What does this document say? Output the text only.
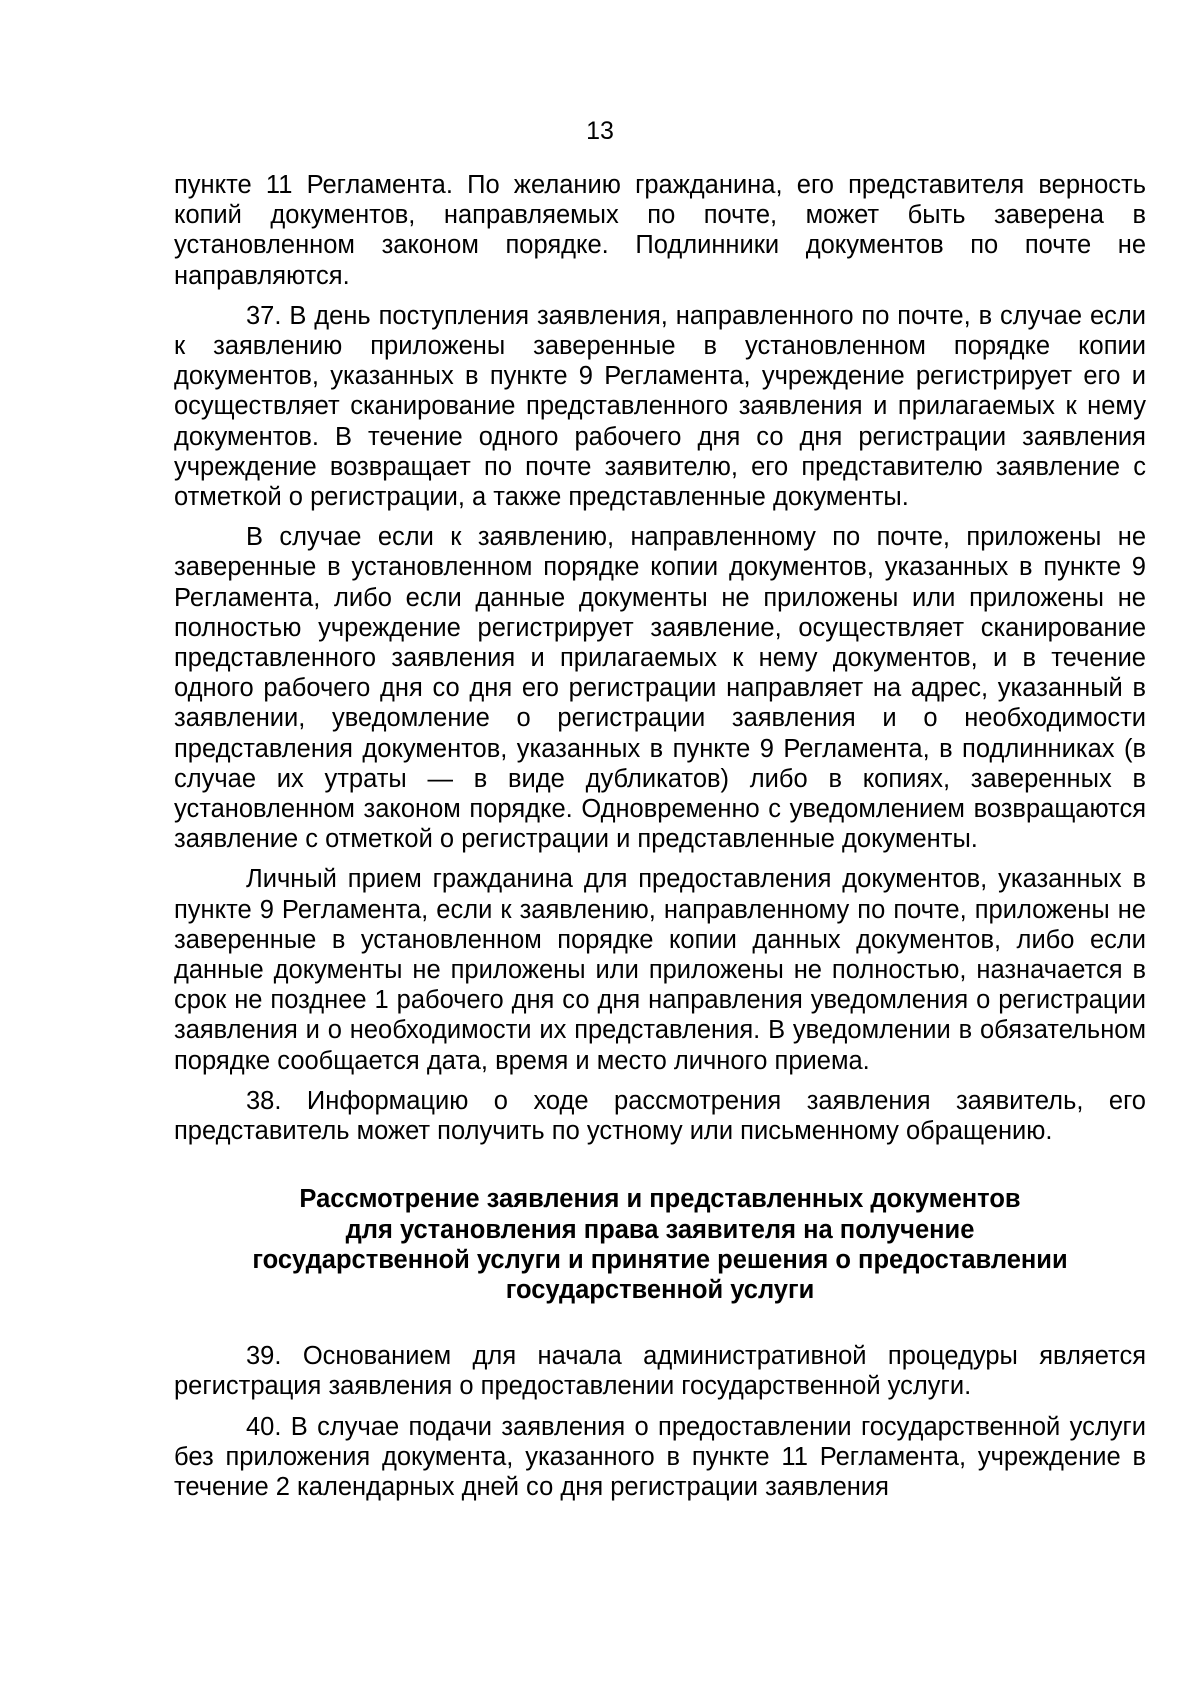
13

пункте 11 Регламента. По желанию гражданина, его представителя верность копий документов, направляемых по почте, может быть заверена в установленном законом порядке. Подлинники документов по почте не направляются.

37. В день поступления заявления, направленного по почте, в случае если к заявлению приложены заверенные в установленном порядке копии документов, указанных в пункте 9 Регламента, учреждение регистрирует его и осуществляет сканирование представленного заявления и прилагаемых к нему документов. В течение одного рабочего дня со дня регистрации заявления учреждение возвращает по почте заявителю, его представителю заявление с отметкой о регистрации, а также представленные документы.

В случае если к заявлению, направленному по почте, приложены не заверенные в установленном порядке копии документов, указанных в пункте 9 Регламента, либо если данные документы не приложены или приложены не полностью учреждение регистрирует заявление, осуществляет сканирование представленного заявления и прилагаемых к нему документов, и в течение одного рабочего дня со дня его регистрации направляет на адрес, указанный в заявлении, уведомление о регистрации заявления и о необходимости представления документов, указанных в пункте 9 Регламента, в подлинниках (в случае их утраты — в виде дубликатов) либо в копиях, заверенных в установленном законом порядке. Одновременно с уведомлением возвращаются заявление с отметкой о регистрации и представленные документы.

Личный прием гражданина для предоставления документов, указанных в пункте 9 Регламента, если к заявлению, направленному по почте, приложены не заверенные в установленном порядке копии данных документов, либо если данные документы не приложены или приложены не полностью, назначается в срок не позднее 1 рабочего дня со дня направления уведомления о регистрации заявления и о необходимости их представления. В уведомлении в обязательном порядке сообщается дата, время и место личного приема.

38. Информацию о ходе рассмотрения заявления заявитель, его представитель может получить по устному или письменному обращению.

Рассмотрение заявления и представленных документов
для установления права заявителя на получение
государственной услуги и принятие решения о предоставлении
государственной услуги

39. Основанием для начала административной процедуры является регистрация заявления о предоставлении государственной услуги.

40. В случае подачи заявления о предоставлении государственной услуги без приложения документа, указанного в пункте 11 Регламента, учреждение в течение 2 календарных дней со дня регистрации заявления
